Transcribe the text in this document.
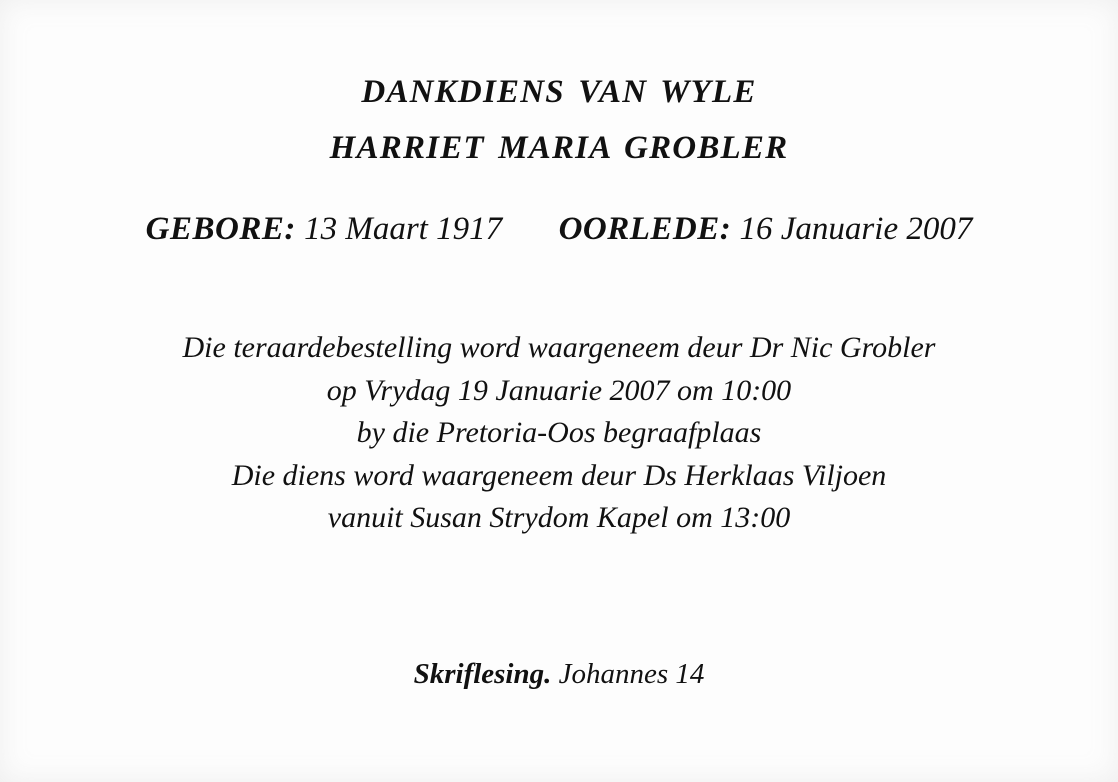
DANKDIENS VAN WYLE
HARRIET MARIA GROBLER
GEBORE: 13 Maart 1917 OORLEDE: 16 Januarie 2007
Die teraardebestelling word waargeneem deur Dr Nic Grobler
op Vrydag 19 Januarie 2007 om 10:00
by die Pretoria-Oos begraafplaas
Die diens word waargeneem deur Ds Herklaas Viljoen
vanuit Susan Strydom Kapel om 13:00
Skriflesing. Johannes 14
